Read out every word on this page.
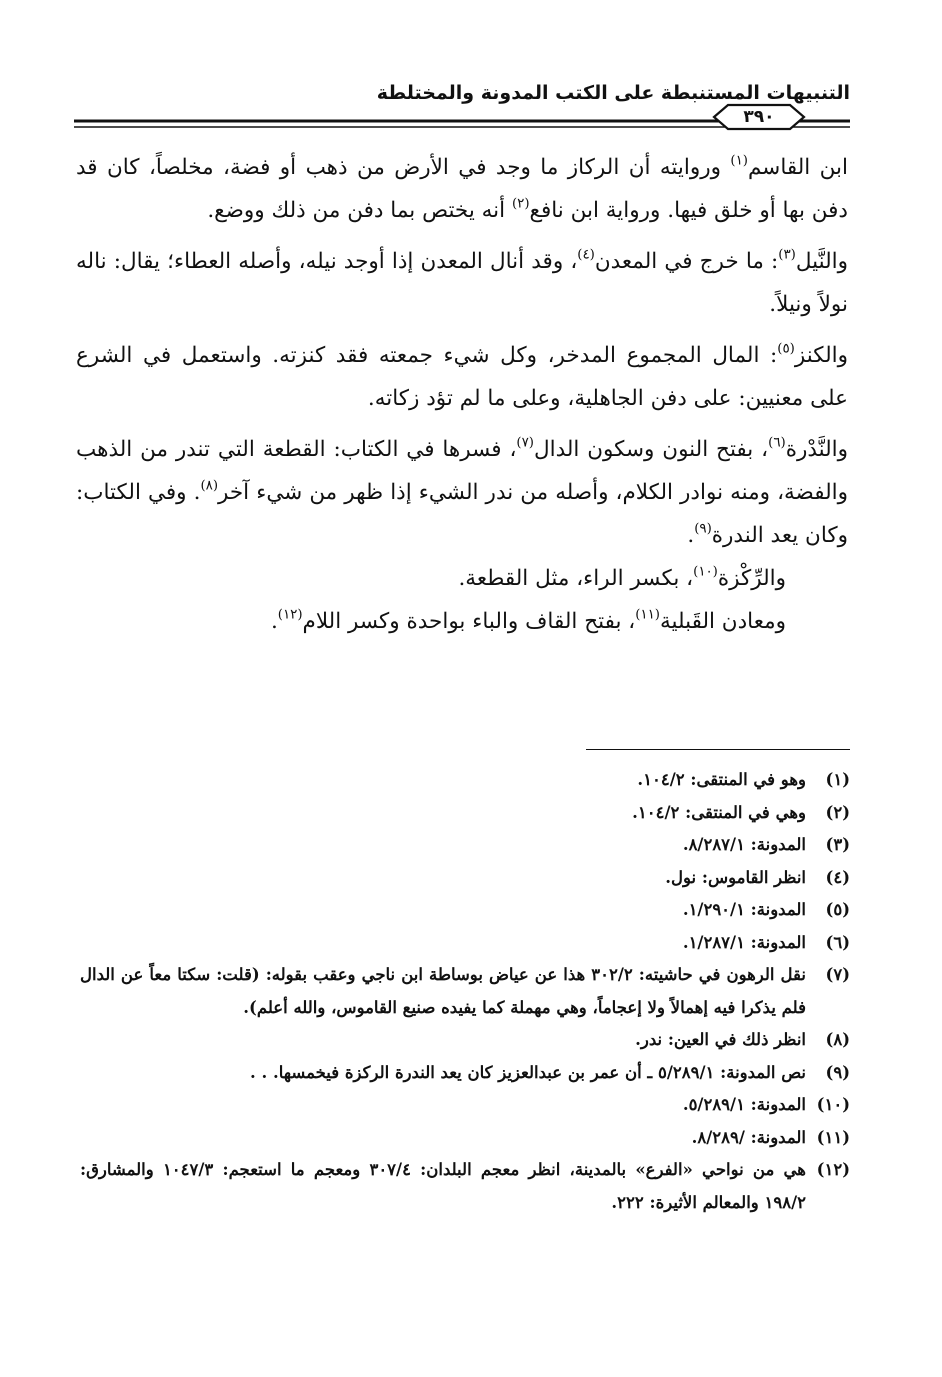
التنبيهات المستنبطة على الكتب المدونة والمختلطة
٣٩٠

ابن القاسم$^{(١)}$ وروايته أن الركاز ما وجد في الأرض من ذهب أو فضة، مخلصاً، كان قد دفن بها أو خلق فيها. ورواية ابن نافع$^{(٢)}$ أنه يختص بما دفن من ذلك ووضع.

والنَّيل$^{(٣)}$: ما خرج في المعدن$^{(٤)}$، وقد أنال المعدن إذا أوجد نيله، وأصله العطاء؛ يقال: ناله نولاً ونيلاً.

والكنز$^{(٥)}$: المال المجموع المدخر، وكل شيء جمعته فقد كنزته. واستعمل في الشرع على معنيين: على دفن الجاهلية، وعلى ما لم تؤد زكاته.

والنَّدْرة$^{(٦)}$، بفتح النون وسكون الدال$^{(٧)}$، فسرها في الكتاب: القطعة التي تندر من الذهب والفضة، ومنه نوادر الكلام، وأصله من ندر الشيء إذا ظهر من شيء آخر$^{(٨)}$. وفي الكتاب: وكان يعد الندرة$^{(٩)}$.

والرِّكْزة$^{(١٠)}$، بكسر الراء، مثل القطعة.

ومعادن القَبلية$^{(١١)}$، بفتح القاف والباء بواحدة وكسر اللام$^{(١٢)}$.

(١)
وهو في المنتقى: ١٠٤/٢.
(٢)
وهي في المنتقى: ١٠٤/٢.
(٣)
المدونة: ٨/٢٨٧/١.
(٤)
انظر القاموس: نول.
(٥)
المدونة: ١/٢٩٠/١.
(٦)
المدونة: ١/٢٨٧/١.
(٧)
نقل الرهون في حاشيته: ٣٠٢/٢ هذا عن عياض بوساطة ابن ناجي وعقب بقوله: (قلت: سكتا معاً عن الدال فلم يذكرا فيه إهمالاً ولا إعجاماً، وهي مهملة كما يفيده صنيع القاموس، والله أعلم).
(٨)
انظر ذلك في العين: ندر.
(٩)
نص المدونة: ٥/٢٨٩/١ ـ أن عمر بن عبدالعزيز كان يعد الندرة الركزة فيخمسها. . .
(١٠)
المدونة: ٥/٢٨٩/١.
(١١)
المدونة: /٨/٢٨٩.
(١٢)
هي من نواحي «الفرع» بالمدينة، انظر معجم البلدان: ٣٠٧/٤ ومعجم ما استعجم: ١٠٤٧/٣ والمشارق: ١٩٨/٢ والمعالم الأثيرة: ٢٢٢.
